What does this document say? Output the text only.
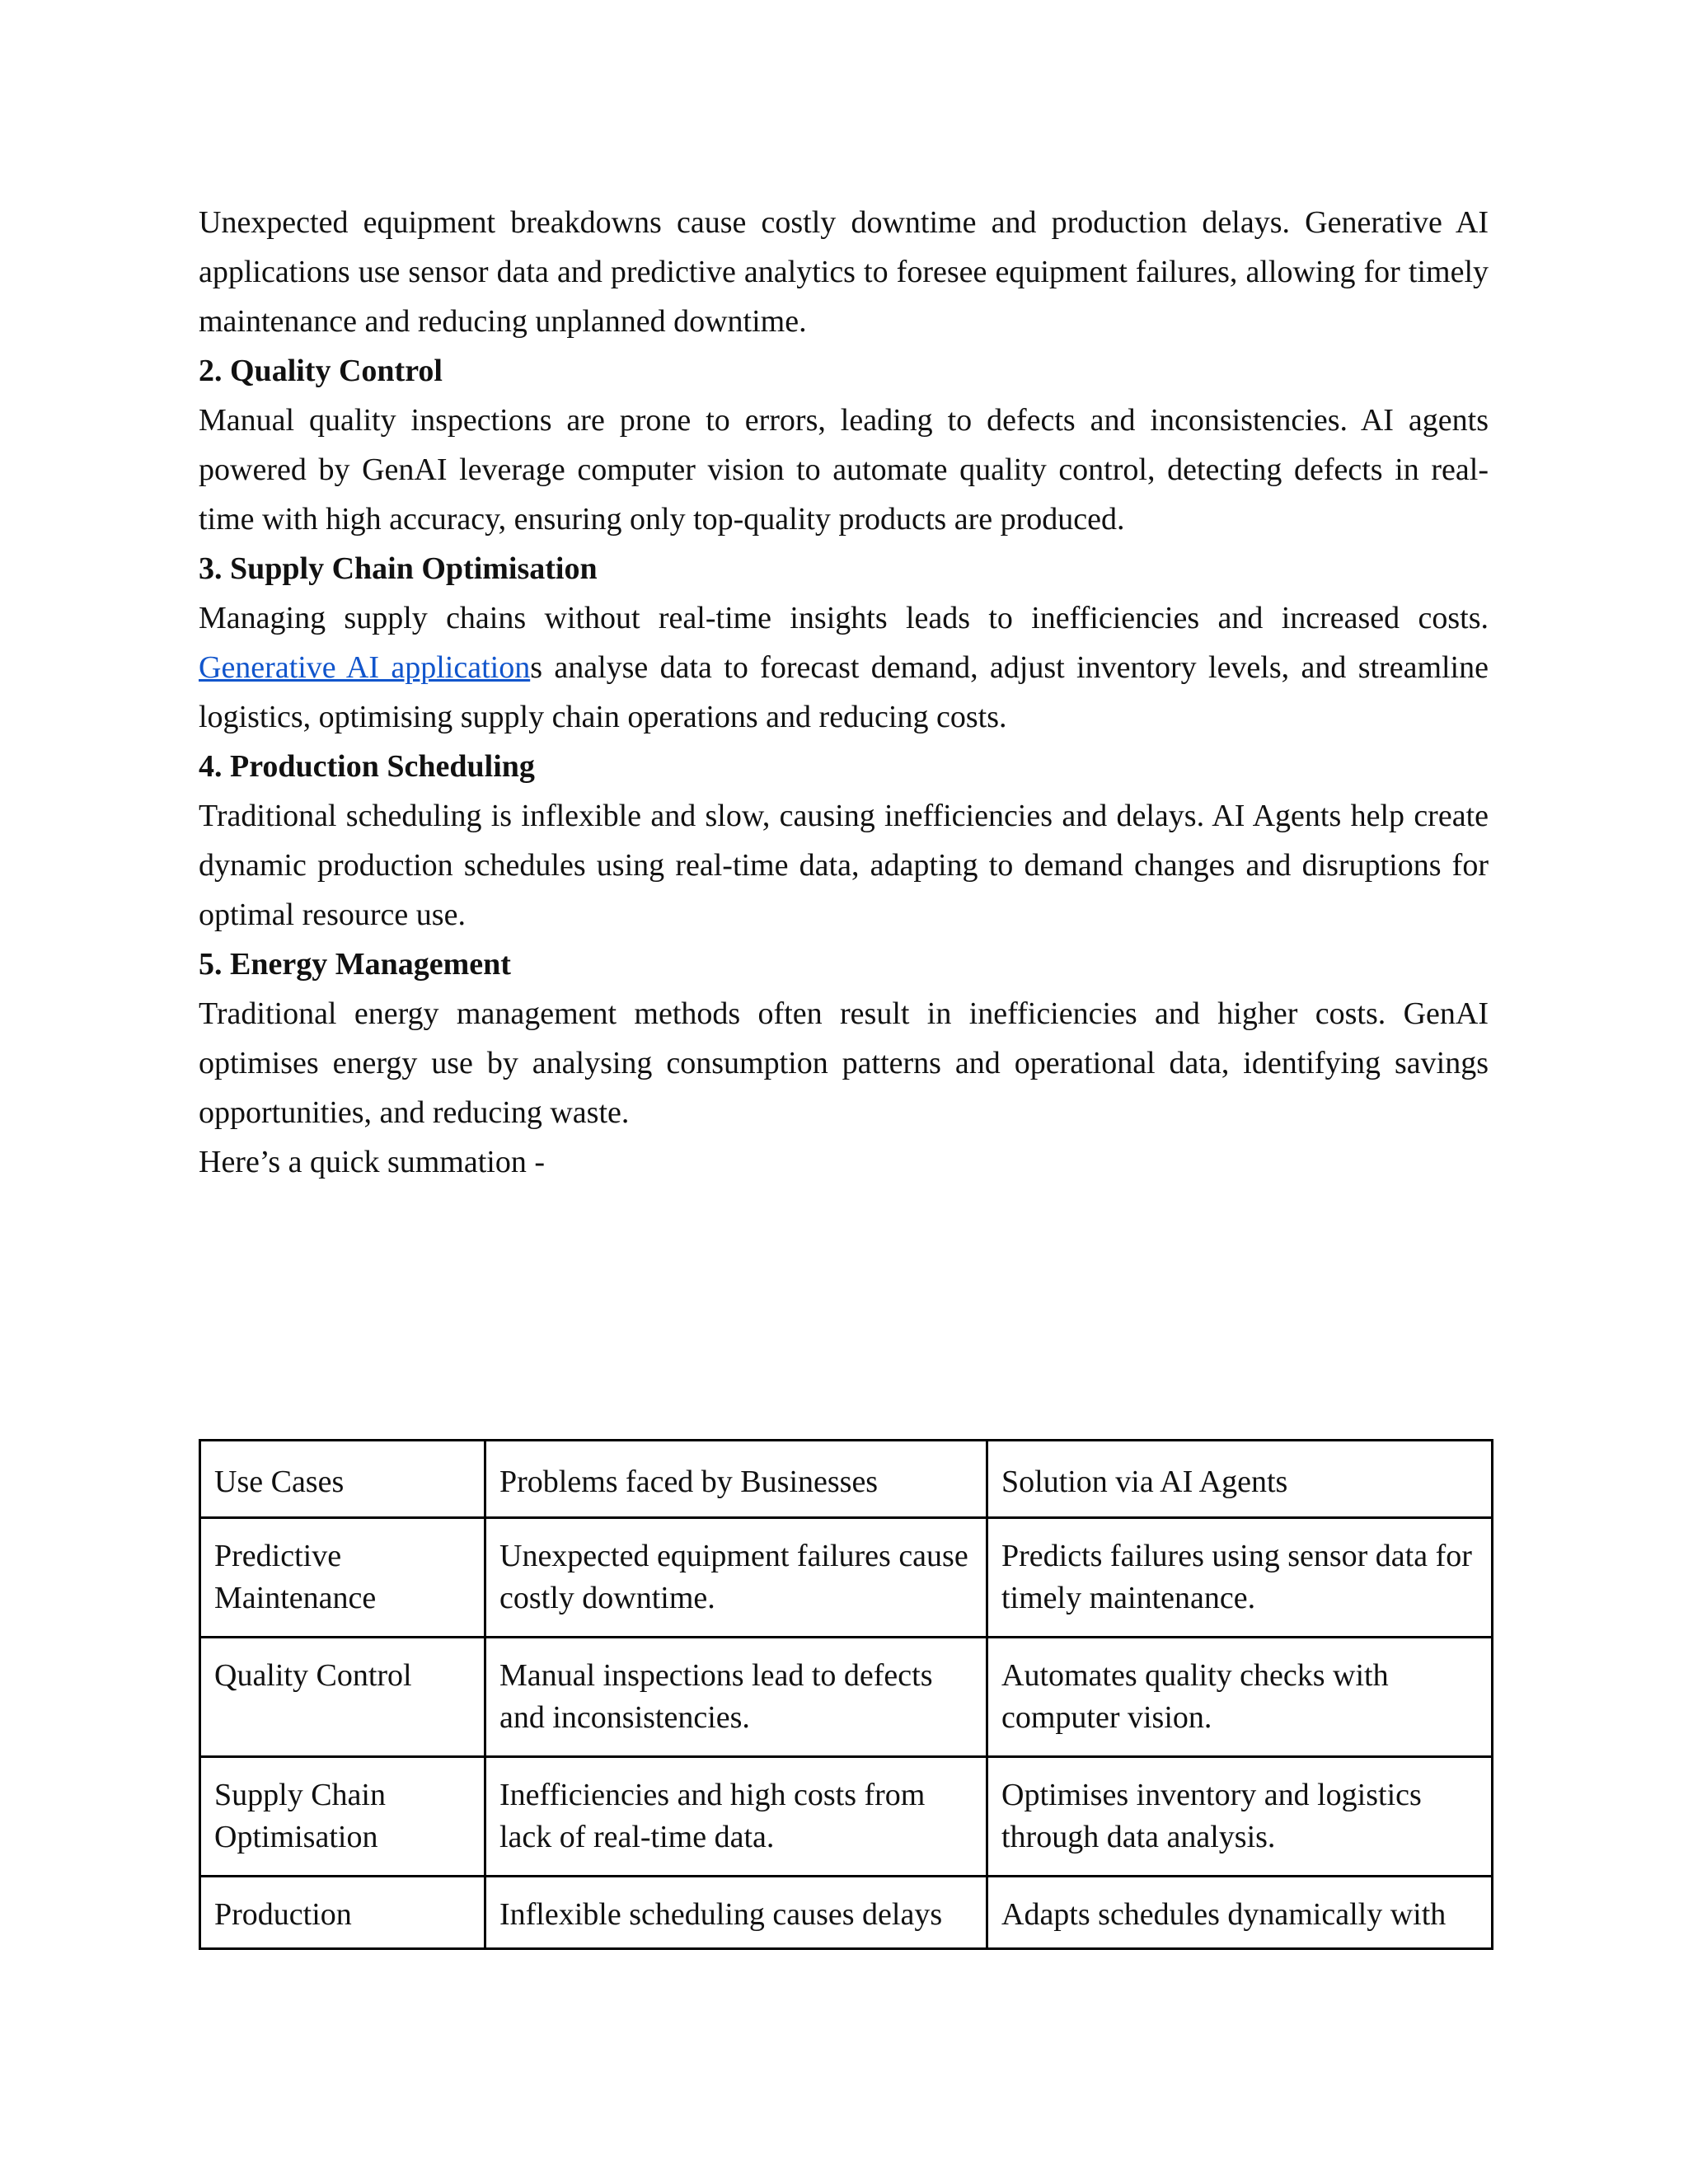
Unexpected equipment breakdowns cause costly downtime and production delays. Generative AI applications use sensor data and predictive analytics to foresee equipment failures, allowing for timely maintenance and reducing unplanned downtime.

2. Quality Control

Manual quality inspections are prone to errors, leading to defects and inconsistencies. AI agents powered by GenAI leverage computer vision to automate quality control, detecting defects in real-time with high accuracy, ensuring only top-quality products are produced.

3. Supply Chain Optimisation

Managing supply chains without real-time insights leads to inefficiencies and increased costs. Generative AI applications analyse data to forecast demand, adjust inventory levels, and streamline logistics, optimising supply chain operations and reducing costs.

4. Production Scheduling

Traditional scheduling is inflexible and slow, causing inefficiencies and delays. AI Agents help create dynamic production schedules using real-time data, adapting to demand changes and disruptions for optimal resource use.

5. Energy Management

Traditional energy management methods often result in inefficiencies and higher costs. GenAI optimises energy use by analysing consumption patterns and operational data, identifying savings opportunities, and reducing waste.

Here’s a quick summation -

Use Cases	Problems faced by Businesses	Solution via AI Agents
Predictive Maintenance	Unexpected equipment failures cause costly downtime.	Predicts failures using sensor data for timely maintenance.
Quality Control	Manual inspections lead to defects and inconsistencies.	Automates quality checks with computer vision.
Supply Chain Optimisation	Inefficiencies and high costs from lack of real-time data.	Optimises inventory and logistics through data analysis.
Production	Inflexible scheduling causes delays	Adapts schedules dynamically with
